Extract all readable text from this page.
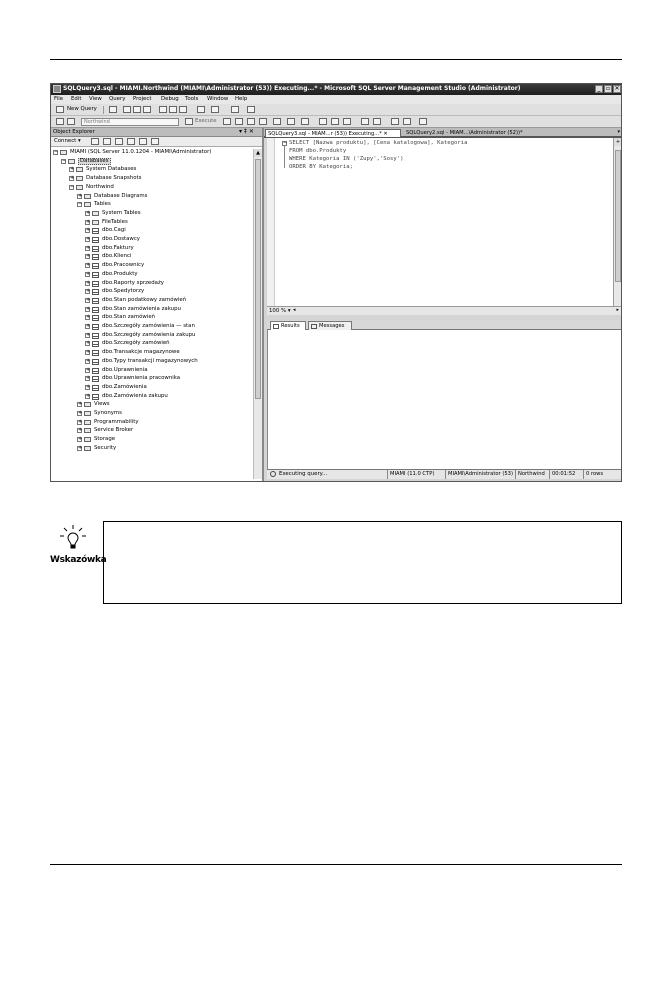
SQLQuery3.sql - MIAMI.Northwind (MIAMI\Administrator (53)) Executing...* - Microsoft SQL Server Management Studio (Administrator)	_ ▫ ✕
File Edit View Query Project Debug Tools Window Help
New Query
Northwind	Execute
Object Explorer	▾ ‡ ✕
Connect ▾
− MIAMI (SQL Server 11.0.1204 - MIAMI\Administrator)
−	Databases
+ System Databases
+ Database Snapshots
− Northwind
+ Database Diagrams
− Tables
+ System Tables
+ FileTables
+ dbo.Cagi
+ dbo.Dostawcy
+ dbo.Faktury
+ dbo.Klienci
+ dbo.Pracownicy
+ dbo.Produkty
+ dbo.Raporty sprzedaży
+ dbo.Spedytorzy
+ dbo.Stan podatkowy zamówień
+ dbo.Stan zamówienia zakupu
+ dbo.Stan zamówień
+ dbo.Szczegóły zamówienia — stan
+ dbo.Szczegóły zamówienia zakupu
+ dbo.Szczegóły zamówień
+ dbo.Transakcje magazynowe
+ dbo.Typy transakcji magazynowych
+ dbo.Uprawnienia
+ dbo.Uprawnienia pracownika
+ dbo.Zamówienia
+ dbo.Zamówienia zakupu
+ Views
+ Synonyms
+ Programmability
+ Service Broker
+ Storage
+ Security
▲
SQLQuery3.sql - MIAM...r (53)) Executing...* ✕	SQLQuery2.sql - MIAM...\Administrator (52))*	▾
− SELECT [Nazwa produktu], [Cena katalogowa], Kategoria
FROM dbo.Produkty
WHERE Kategoria IN ('Zupy','Sosy')
ORDER BY Kategoria;
+
100 % ▾ ◂	▸
Results	Messages
Executing query...	MIAMI (11.0 CTP)	MIAMI\Administrator (53) Northwind	00:01:52	0 rows
Wskazówka
